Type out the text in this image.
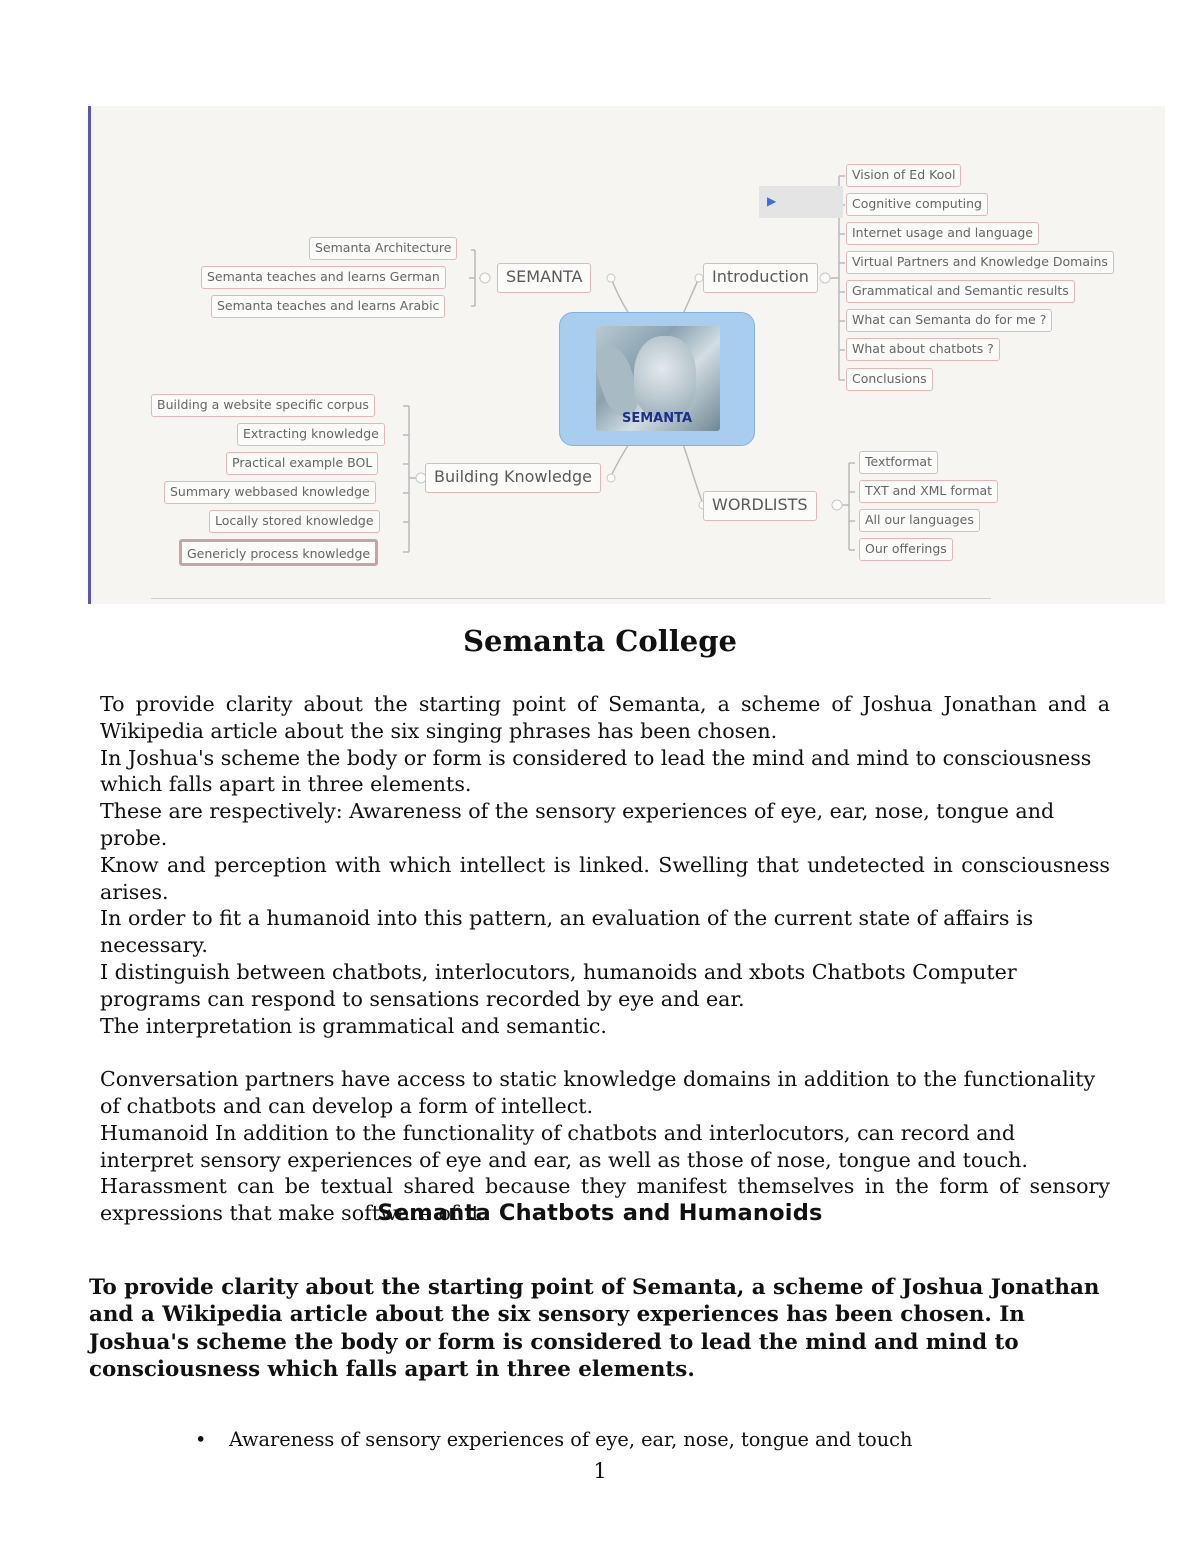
▶
SEMANTA
SEMANTA
Semanta Architecture
Semanta teaches and learns German
Semanta teaches and learns Arabic
Introduction
Vision of Ed Kool
Cognitive computing
Internet usage and language
Virtual Partners and Knowledge Domains
Grammatical and Semantic results
What can Semanta do for me ?
What about chatbots ?
Conclusions
Building Knowledge
Building a website specific corpus
Extracting knowledge
Practical example BOL
Summary webbased knowledge
Locally stored knowledge
Genericly process knowledge
WORDLISTS
Textformat
TXT and XML format
All our languages
Our offerings
Semanta College

To provide clarity about the starting point of Semanta, a scheme of Joshua Jonathan and a Wikipedia article about the six singing phrases has been chosen.

In Joshua's scheme the body or form is considered to lead the mind and mind to consciousness which falls apart in three elements.

These are respectively: Awareness of the sensory experiences of eye, ear, nose, tongue and probe.

Know and perception with which intellect is linked. Swelling that undetected in consciousness arises.

In order to fit a humanoid into this pattern, an evaluation of the current state of affairs is necessary.

I distinguish between chatbots, interlocutors, humanoids and xbots Chatbots Computer programs can respond to sensations recorded by eye and ear.

The interpretation is grammatical and semantic.

Conversation partners have access to static knowledge domains in addition to the functionality of chatbots and can develop a form of intellect.

Humanoid In addition to the functionality of chatbots and interlocutors, can record and interpret sensory experiences of eye and ear, as well as those of nose, tongue and touch.

Harassment can be textual shared because they manifest themselves in the form of sensory expressions that make software of it.

Semanta Chatbots and Humanoids

To provide clarity about the starting point of Semanta, a scheme of Joshua Jonathan and a Wikipedia article about the six sensory experiences has been chosen. In Joshua's scheme the body or form is considered to lead the mind and mind to consciousness which falls apart in three elements.

• Awareness of sensory experiences of eye, ear, nose, tongue and touch
1
